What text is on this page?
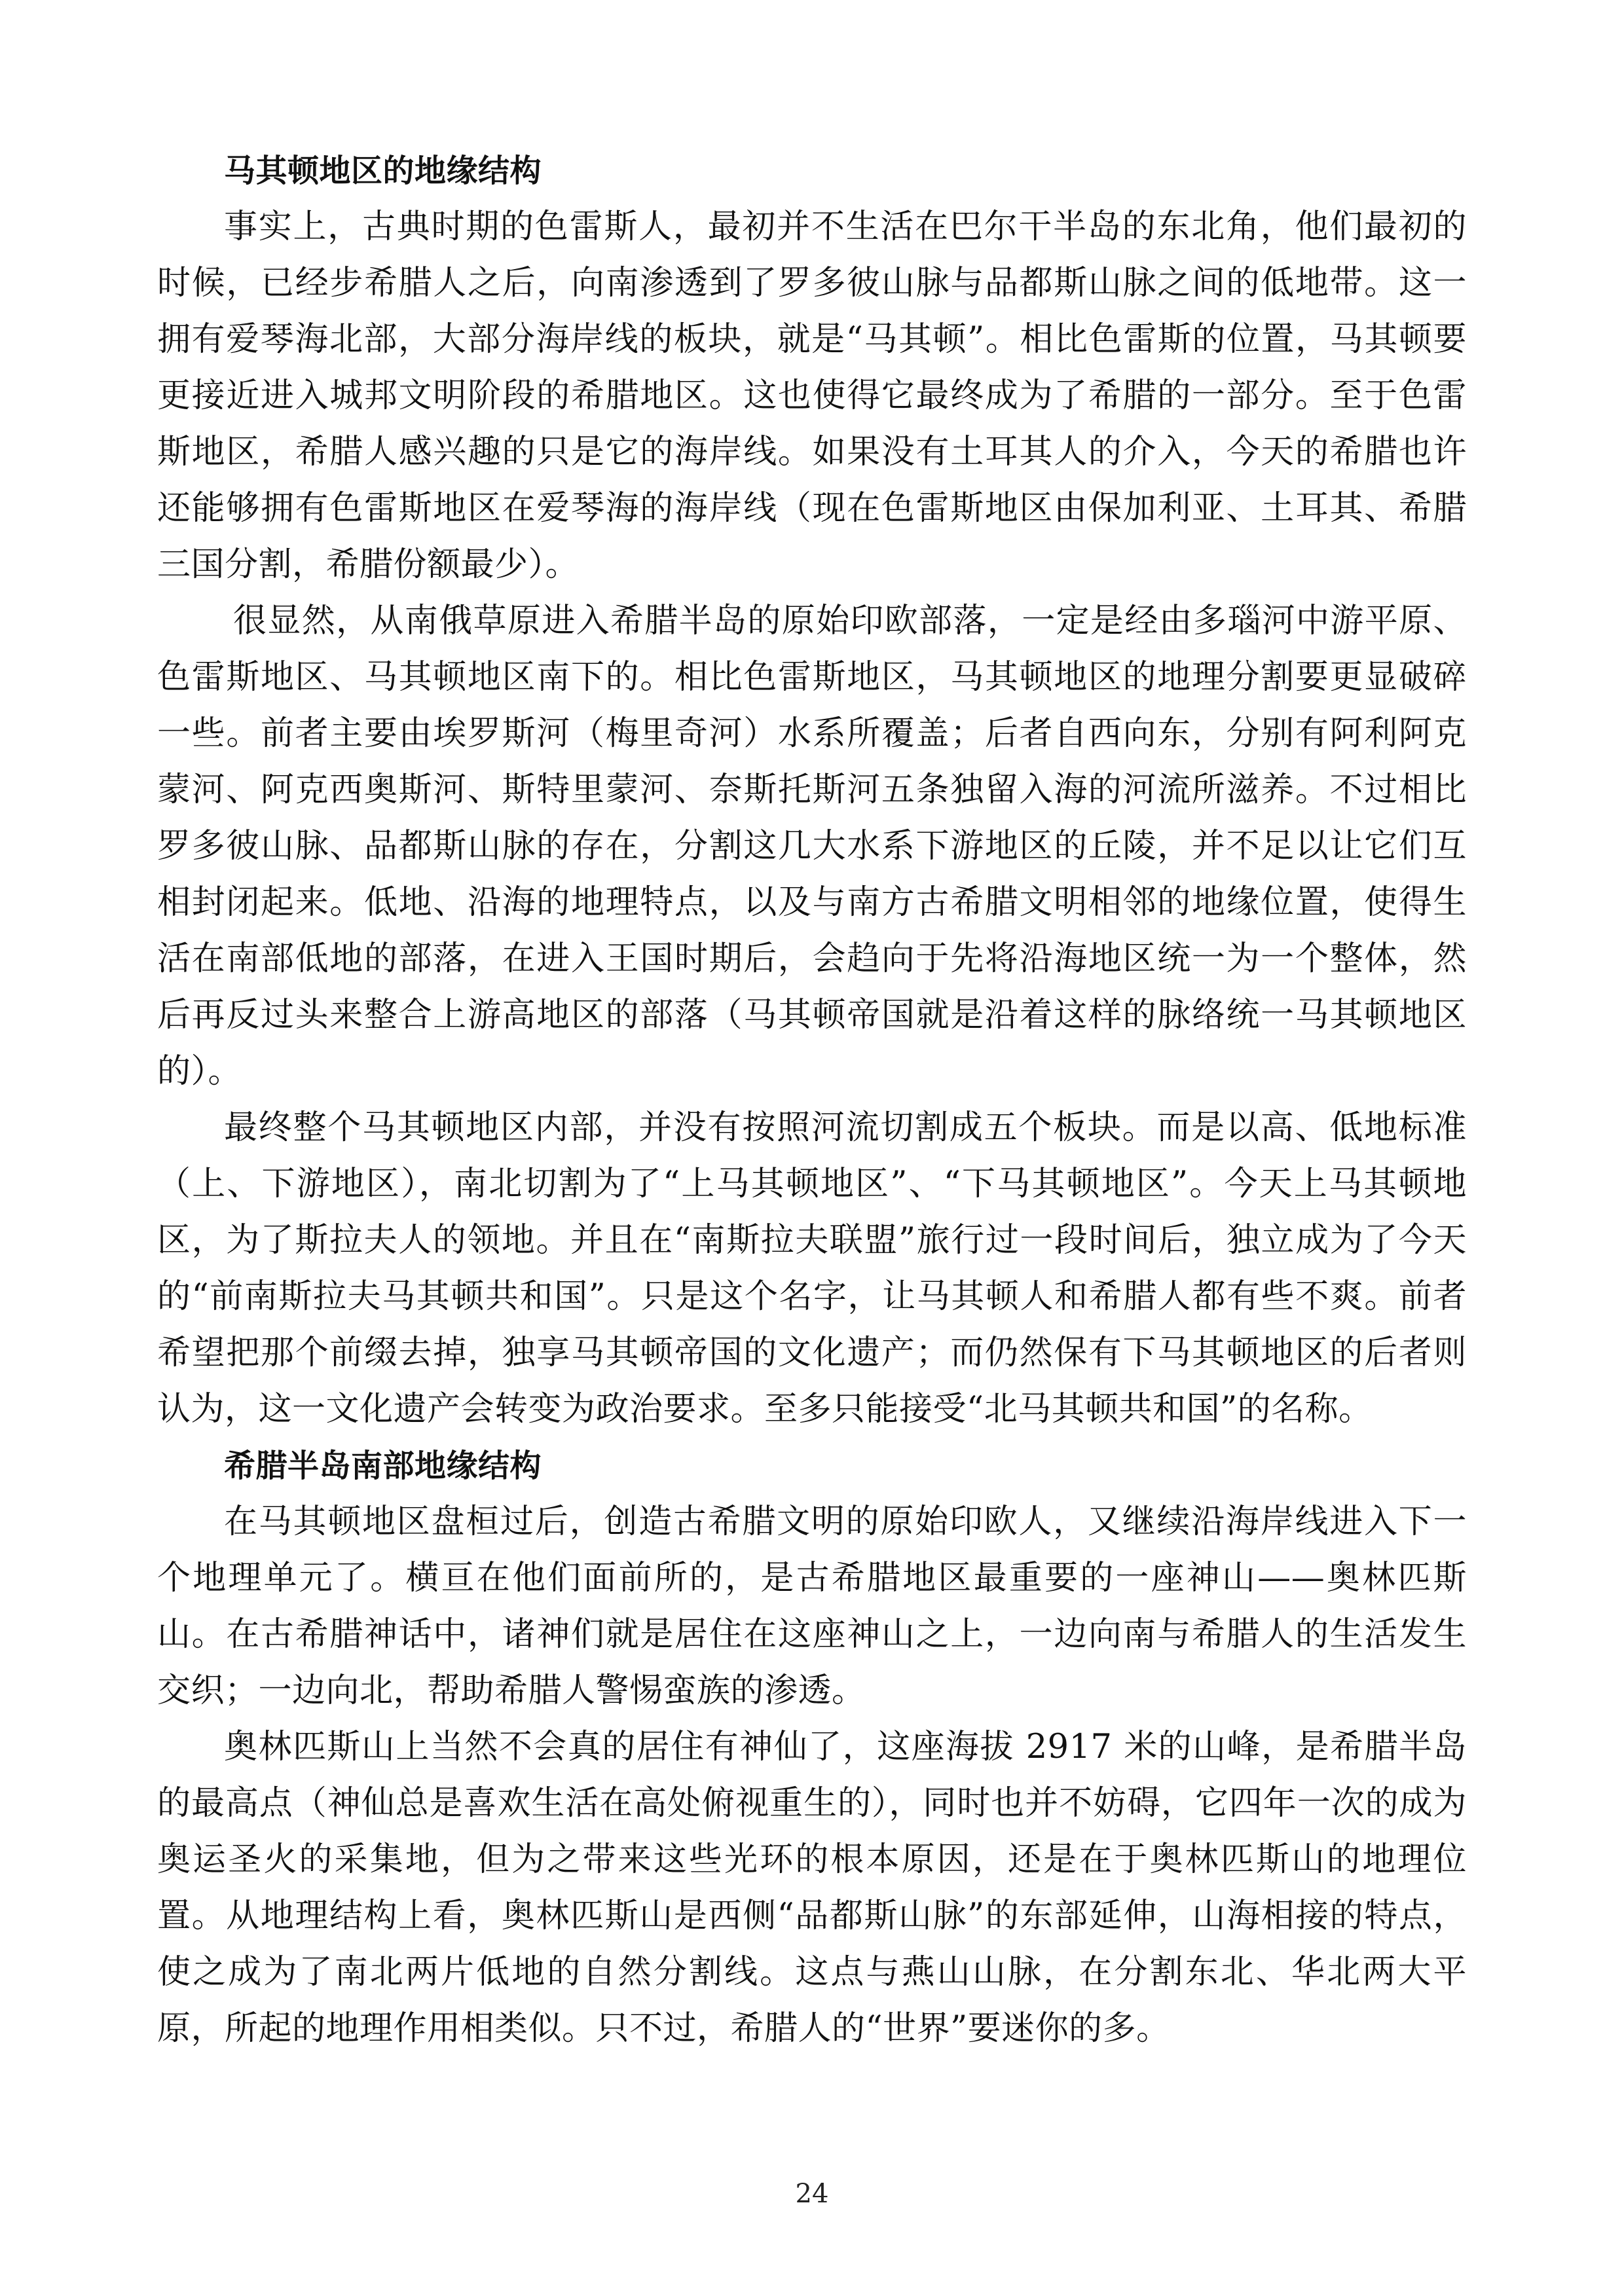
马其顿地区的地缘结构

事实上，古典时期的色雷斯人，最初并不生活在巴尔干半岛的东北角，他们最初的时候，已经步希腊人之后，向南渗透到了罗多彼山脉与品都斯山脉之间的低地带。这一拥有爱琴海北部，大部分海岸线的板块，就是“马其顿”。相比色雷斯的位置，马其顿要更接近进入城邦文明阶段的希腊地区。这也使得它最终成为了希腊的一部分。至于色雷斯地区，希腊人感兴趣的只是它的海岸线。如果没有土耳其人的介入，今天的希腊也许还能够拥有色雷斯地区在爱琴海的海岸线（现在色雷斯地区由保加利亚、土耳其、希腊三国分割，希腊份额最少）。

很显然，从南俄草原进入希腊半岛的原始印欧部落，一定是经由多瑙河中游平原、色雷斯地区、马其顿地区南下的。相比色雷斯地区，马其顿地区的地理分割要更显破碎一些。前者主要由埃罗斯河（梅里奇河）水系所覆盖；后者自西向东，分别有阿利阿克蒙河、阿克西奥斯河、斯特里蒙河、奈斯托斯河五条独留入海的河流所滋养。不过相比罗多彼山脉、品都斯山脉的存在，分割这几大水系下游地区的丘陵，并不足以让它们互相封闭起来。低地、沿海的地理特点，以及与南方古希腊文明相邻的地缘位置，使得生活在南部低地的部落，在进入王国时期后，会趋向于先将沿海地区统一为一个整体，然后再反过头来整合上游高地区的部落（马其顿帝国就是沿着这样的脉络统一马其顿地区的）。

最终整个马其顿地区内部，并没有按照河流切割成五个板块。而是以高、低地标准（上、下游地区），南北切割为了“上马其顿地区”、“下马其顿地区”。今天上马其顿地区，为了斯拉夫人的领地。并且在“南斯拉夫联盟”旅行过一段时间后，独立成为了今天的“前南斯拉夫马其顿共和国”。只是这个名字，让马其顿人和希腊人都有些不爽。前者希望把那个前缀去掉，独享马其顿帝国的文化遗产；而仍然保有下马其顿地区的后者则认为，这一文化遗产会转变为政治要求。至多只能接受“北马其顿共和国”的名称。

希腊半岛南部地缘结构

在马其顿地区盘桓过后，创造古希腊文明的原始印欧人，又继续沿海岸线进入下一个地理单元了。横亘在他们面前所的，是古希腊地区最重要的一座神山——奥林匹斯山。在古希腊神话中，诸神们就是居住在这座神山之上，一边向南与希腊人的生活发生交织；一边向北，帮助希腊人警惕蛮族的渗透。

奥林匹斯山上当然不会真的居住有神仙了，这座海拔 2917 米的山峰，是希腊半岛的最高点（神仙总是喜欢生活在高处俯视重生的），同时也并不妨碍，它四年一次的成为奥运圣火的采集地，但为之带来这些光环的根本原因，还是在于奥林匹斯山的地理位置。从地理结构上看，奥林匹斯山是西侧“品都斯山脉”的东部延伸，山海相接的特点，使之成为了南北两片低地的自然分割线。这点与燕山山脉，在分割东北、华北两大平原，所起的地理作用相类似。只不过，希腊人的“世界”要迷你的多。

24
